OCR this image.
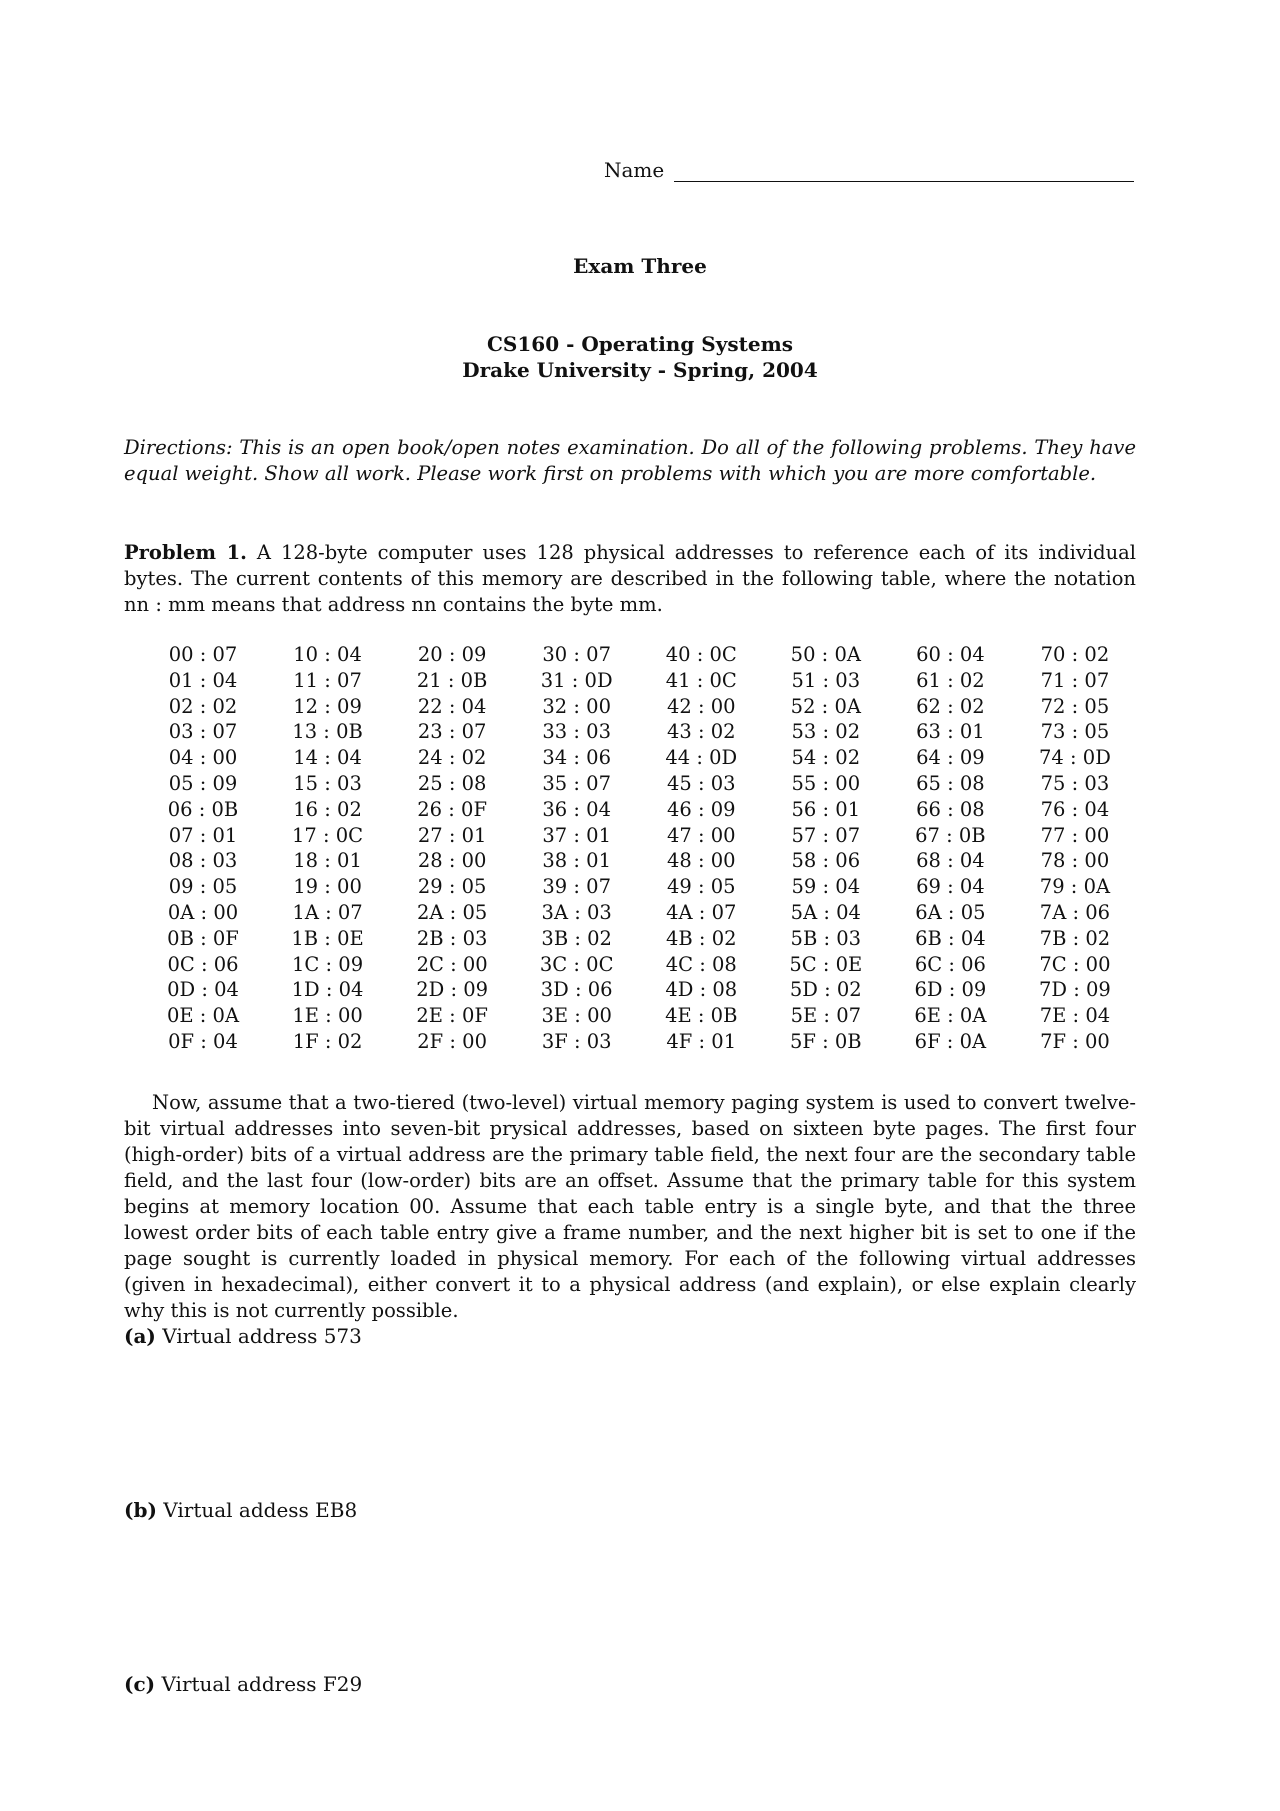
Name
Exam Three
CS160 - Operating Systems
Drake University - Spring, 2004
Directions: This is an open book/open notes examination. Do all of the following problems. They have equal weight. Show all work. Please work first on problems with which you are more comfortable.
Problem 1. A 128-byte computer uses 128 physical addresses to reference each of its individual bytes. The current contents of this memory are described in the following table, where the notation nn : mm means that address nn contains the byte mm.
00 : 07
01 : 04
02 : 02
03 : 07
04 : 00
05 : 09
06 : 0B
07 : 01
08 : 03
09 : 05
0A : 00
0B : 0F
0C : 06
0D : 04
0E : 0A
0F : 04
10 : 04
11 : 07
12 : 09
13 : 0B
14 : 04
15 : 03
16 : 02
17 : 0C
18 : 01
19 : 00
1A : 07
1B : 0E
1C : 09
1D : 04
1E : 00
1F : 02
20 : 09
21 : 0B
22 : 04
23 : 07
24 : 02
25 : 08
26 : 0F
27 : 01
28 : 00
29 : 05
2A : 05
2B : 03
2C : 00
2D : 09
2E : 0F
2F : 00
30 : 07
31 : 0D
32 : 00
33 : 03
34 : 06
35 : 07
36 : 04
37 : 01
38 : 01
39 : 07
3A : 03
3B : 02
3C : 0C
3D : 06
3E : 00
3F : 03
40 : 0C
41 : 0C
42 : 00
43 : 02
44 : 0D
45 : 03
46 : 09
47 : 00
48 : 00
49 : 05
4A : 07
4B : 02
4C : 08
4D : 08
4E : 0B
4F : 01
50 : 0A
51 : 03
52 : 0A
53 : 02
54 : 02
55 : 00
56 : 01
57 : 07
58 : 06
59 : 04
5A : 04
5B : 03
5C : 0E
5D : 02
5E : 07
5F : 0B
60 : 04
61 : 02
62 : 02
63 : 01
64 : 09
65 : 08
66 : 08
67 : 0B
68 : 04
69 : 04
6A : 05
6B : 04
6C : 06
6D : 09
6E : 0A
6F : 0A
70 : 02
71 : 07
72 : 05
73 : 05
74 : 0D
75 : 03
76 : 04
77 : 00
78 : 00
79 : 0A
7A : 06
7B : 02
7C : 00
7D : 09
7E : 04
7F : 00
Now, assume that a two-tiered (two-level) virtual memory paging system is used to convert twelve-bit virtual addresses into seven-bit prysical addresses, based on sixteen byte pages. The first four (high-order) bits of a virtual address are the primary table field, the next four are the secondary table field, and the last four (low-order) bits are an offset. Assume that the primary table for this system begins at memory location 00. Assume that each table entry is a single byte, and that the three lowest order bits of each table entry give a frame number, and the next higher bit is set to one if the page sought is currently loaded in physical memory. For each of the following virtual addresses (given in hexadecimal), either convert it to a physical address (and explain), or else explain clearly why this is not currently possible.
(a) Virtual address 573
(b) Virtual addess EB8
(c) Virtual address F29
